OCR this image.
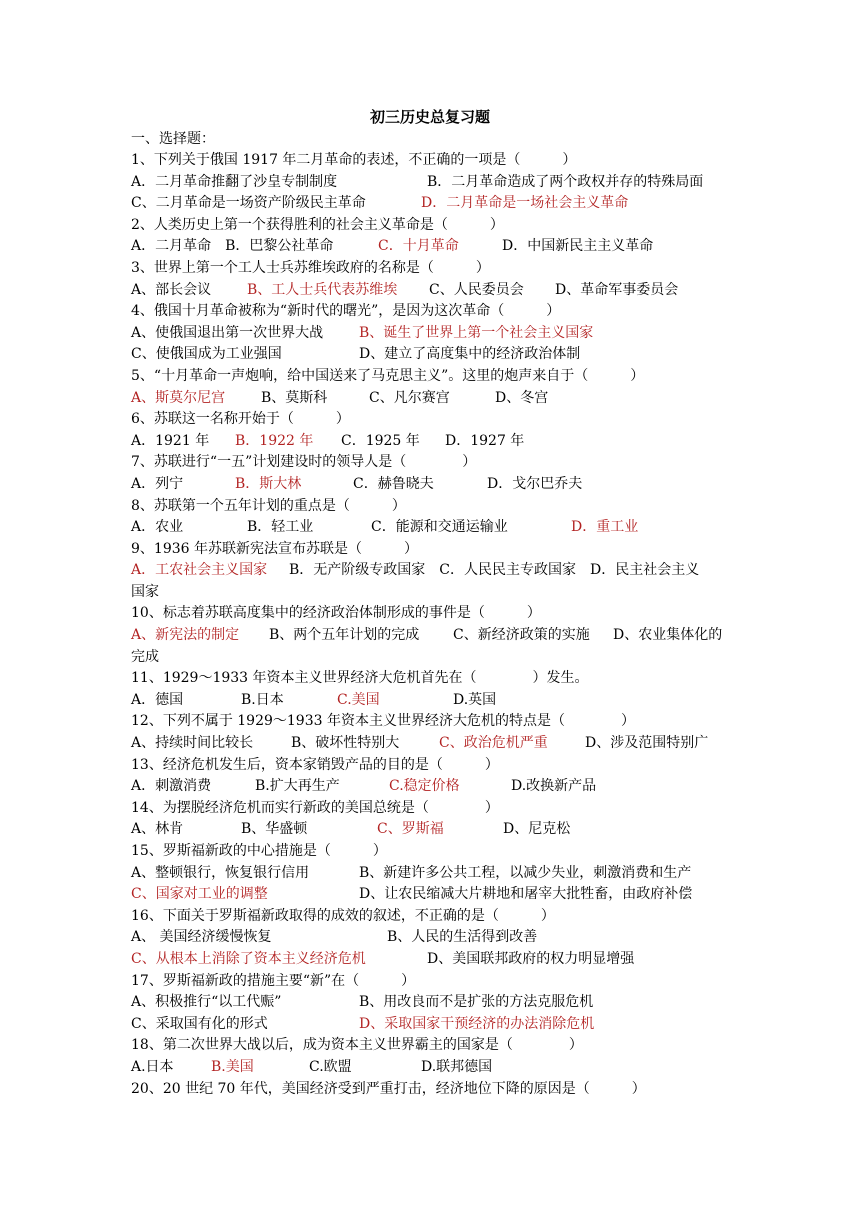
初三历史总复习题
一、选择题：
1、下列关于俄国 1917 年二月革命的表述，不正确的一项是（　　　）
A．二月革命推翻了沙皇专制制度	B．二月革命造成了两个政权并存的特殊局面
C、二月革命是一场资产阶级民主革命	D．二月革命是一场社会主义革命
2、人类历史上第一个获得胜利的社会主义革命是（　　　）
A．二月革命　B．巴黎公社革命	C．十月革命	D．中国新民主主义革命
3、世界上第一个工人士兵苏维埃政府的名称是（　　　）
A、部长会议	B、工人士兵代表苏维埃 C、人民委员会 D、革命军事委员会
4、俄国十月革命被称为“新时代的曙光”，是因为这次革命（　　　）
A、使俄国退出第一次世界大战	B、诞生了世界上第一个社会主义国家
C、使俄国成为工业强国	D、建立了高度集中的经济政治体制
5、“十月革命一声炮响，给中国送来了马克思主义”。这里的炮声来自于（　　　）
A、斯莫尔尼宫	B、莫斯科	C、凡尔赛宫	D、冬宫
6、苏联这一名称开始于（　　　）
A．1921 年 B．1922 年 C．1925 年 D．1927 年
7、苏联进行“一五”计划建设时的领导人是（　　　　）
A．列宁	B．斯大林	C．赫鲁晓夫	D．戈尔巴乔夫
8、苏联第一个五年计划的重点是（　　　）
A．农业	B．轻工业	C．能源和交通运输业	D．重工业
9、1936 年苏联新宪法宣布苏联是（　　　）
A．工农社会主义国家 B．无产阶级专政国家　C．人民民主专政国家　D．民主社会主义
国家
10、标志着苏联高度集中的经济政治体制形成的事件是（　　　）
A、新宪法的制定 B、两个五年计划的完成 C、新经济政策的实施 D、农业集体化的
完成
11、1929～1933 年资本主义世界经济大危机首先在（　　　　）发生。
A．德国	B.日本	C.美国	D.英国
12、下列不属于 1929～1933 年资本主义世界经济大危机的特点是（　　　　）
A、持续时间比较长	B、破坏性特别大	C、政治危机严重	D、涉及范围特别广
13、经济危机发生后，资本家销毁产品的目的是（　　　）
A．刺激消费	B.扩大再生产	C.稳定价格	D.改换新产品
14、为摆脱经济危机而实行新政的美国总统是（　　　　）
A、林肯	B、华盛顿	C、罗斯福	D、尼克松
15、罗斯福新政的中心措施是（　　　）
A、整顿银行，恢复银行信用	B、新建许多公共工程，以减少失业，刺激消费和生产
C、国家对工业的调整	D、让农民缩减大片耕地和屠宰大批牲畜，由政府补偿
16、下面关于罗斯福新政取得的成效的叙述，不正确的是（　　　）
A、 美国经济缓慢恢复	B、人民的生活得到改善
C、从根本上消除了资本主义经济危机	D、美国联邦政府的权力明显增强
17、罗斯福新政的措施主要“新”在（　　　）
A、积极推行“以工代赈”	B、用改良而不是扩张的方法克服危机
C、采取国有化的形式	D、采取国家干预经济的办法消除危机
18、第二次世界大战以后，成为资本主义世界霸主的国家是（　　　　）
A.日本	B.美国	C.欧盟	D.联邦德国
20、20 世纪 70 年代，美国经济受到严重打击，经济地位下降的原因是（　　　）
